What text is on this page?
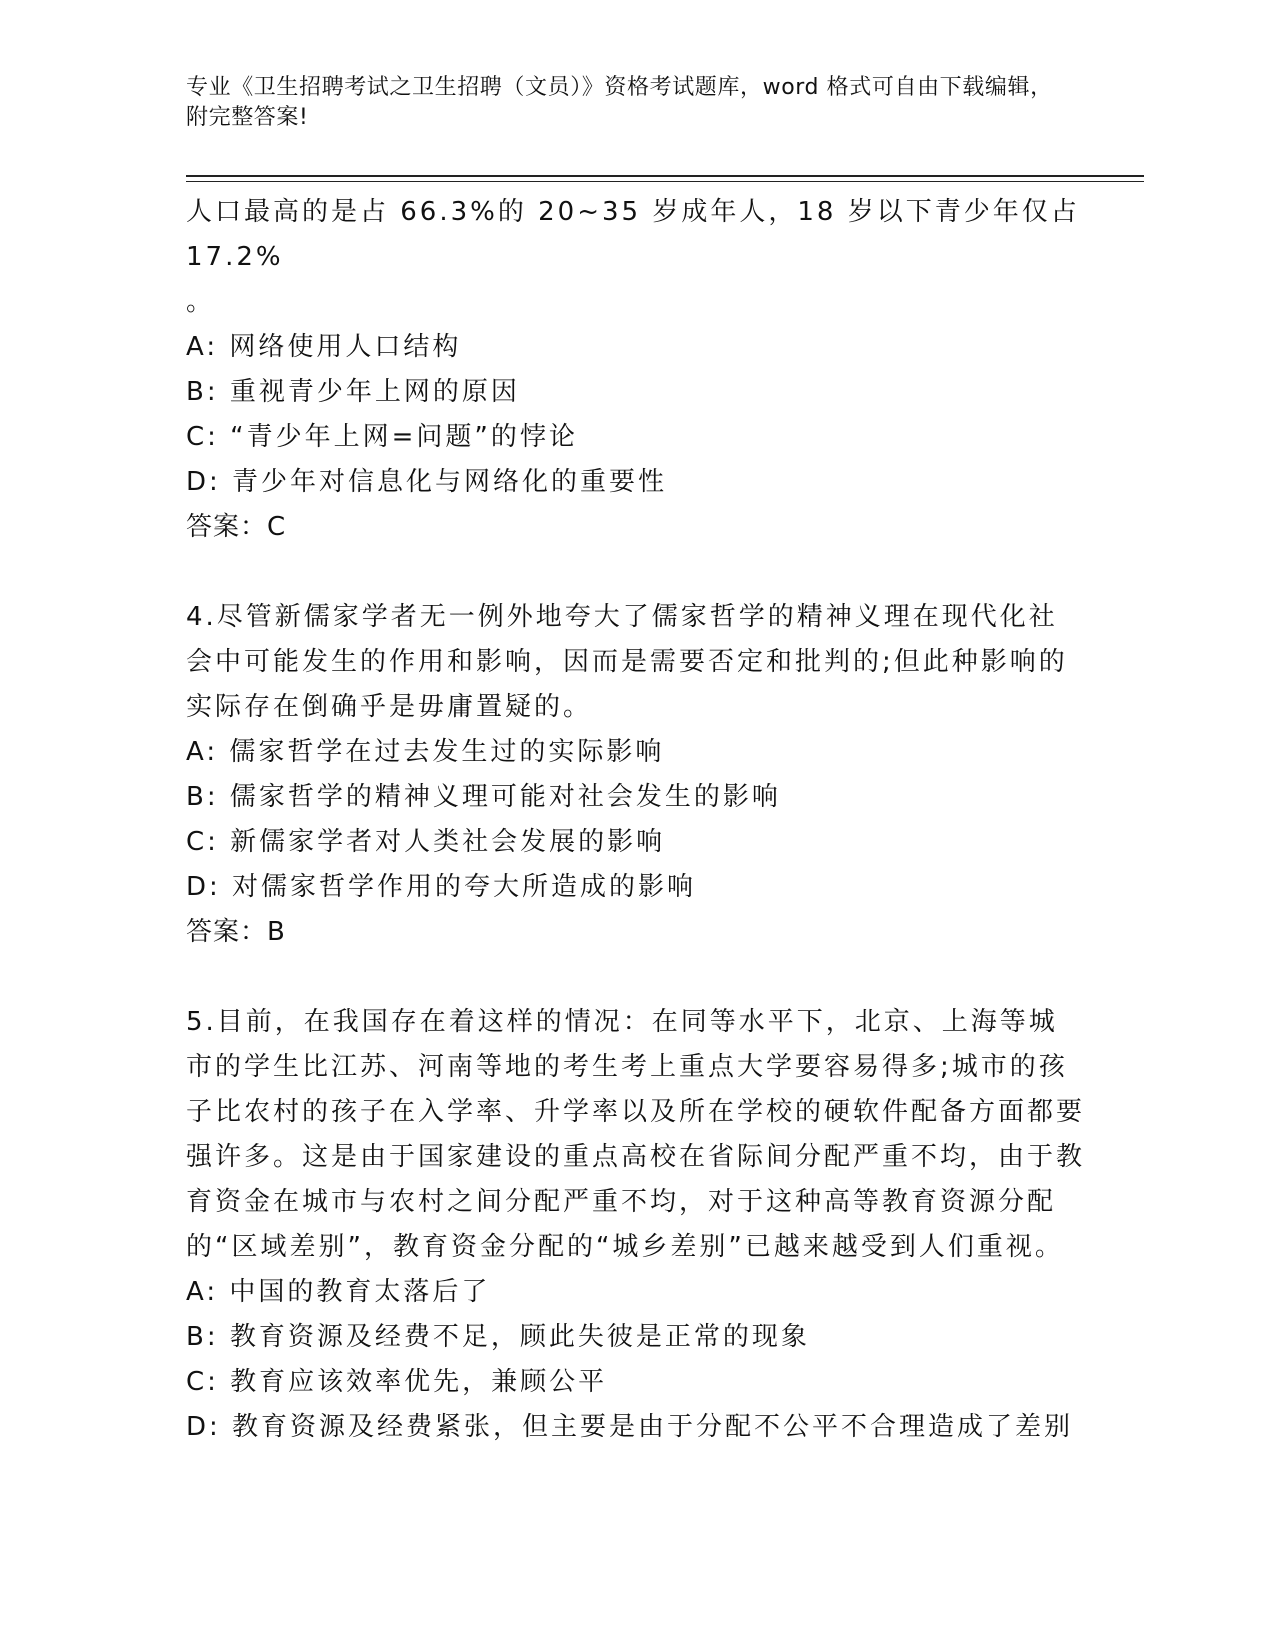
专业《卫生招聘考试之卫生招聘（文员）》资格考试题库，word 格式可自由下载编辑，附完整答案!

人口最高的是占 66.3%的 20~35 岁成年人，18 岁以下青少年仅占 17.2%

。

A: 网络使用人口结构

B: 重视青少年上网的原因

C: “青少年上网=问题”的悖论

D: 青少年对信息化与网络化的重要性

答案：C

4.尽管新儒家学者无一例外地夸大了儒家哲学的精神义理在现代化社会中可能发生的作用和影响，因而是需要否定和批判的;但此种影响的实际存在倒确乎是毋庸置疑的。

A: 儒家哲学在过去发生过的实际影响

B: 儒家哲学的精神义理可能对社会发生的影响

C: 新儒家学者对人类社会发展的影响

D: 对儒家哲学作用的夸大所造成的影响

答案：B

5.目前，在我国存在着这样的情况：在同等水平下，北京、上海等城市的学生比江苏、河南等地的考生考上重点大学要容易得多;城市的孩子比农村的孩子在入学率、升学率以及所在学校的硬软件配备方面都要强许多。这是由于国家建设的重点高校在省际间分配严重不均，由于教育资金在城市与农村之间分配严重不均，对于这种高等教育资源分配的“区域差别”，教育资金分配的“城乡差别”已越来越受到人们重视。

A: 中国的教育太落后了

B: 教育资源及经费不足，顾此失彼是正常的现象

C: 教育应该效率优先，兼顾公平

D: 教育资源及经费紧张，但主要是由于分配不公平不合理造成了差别
